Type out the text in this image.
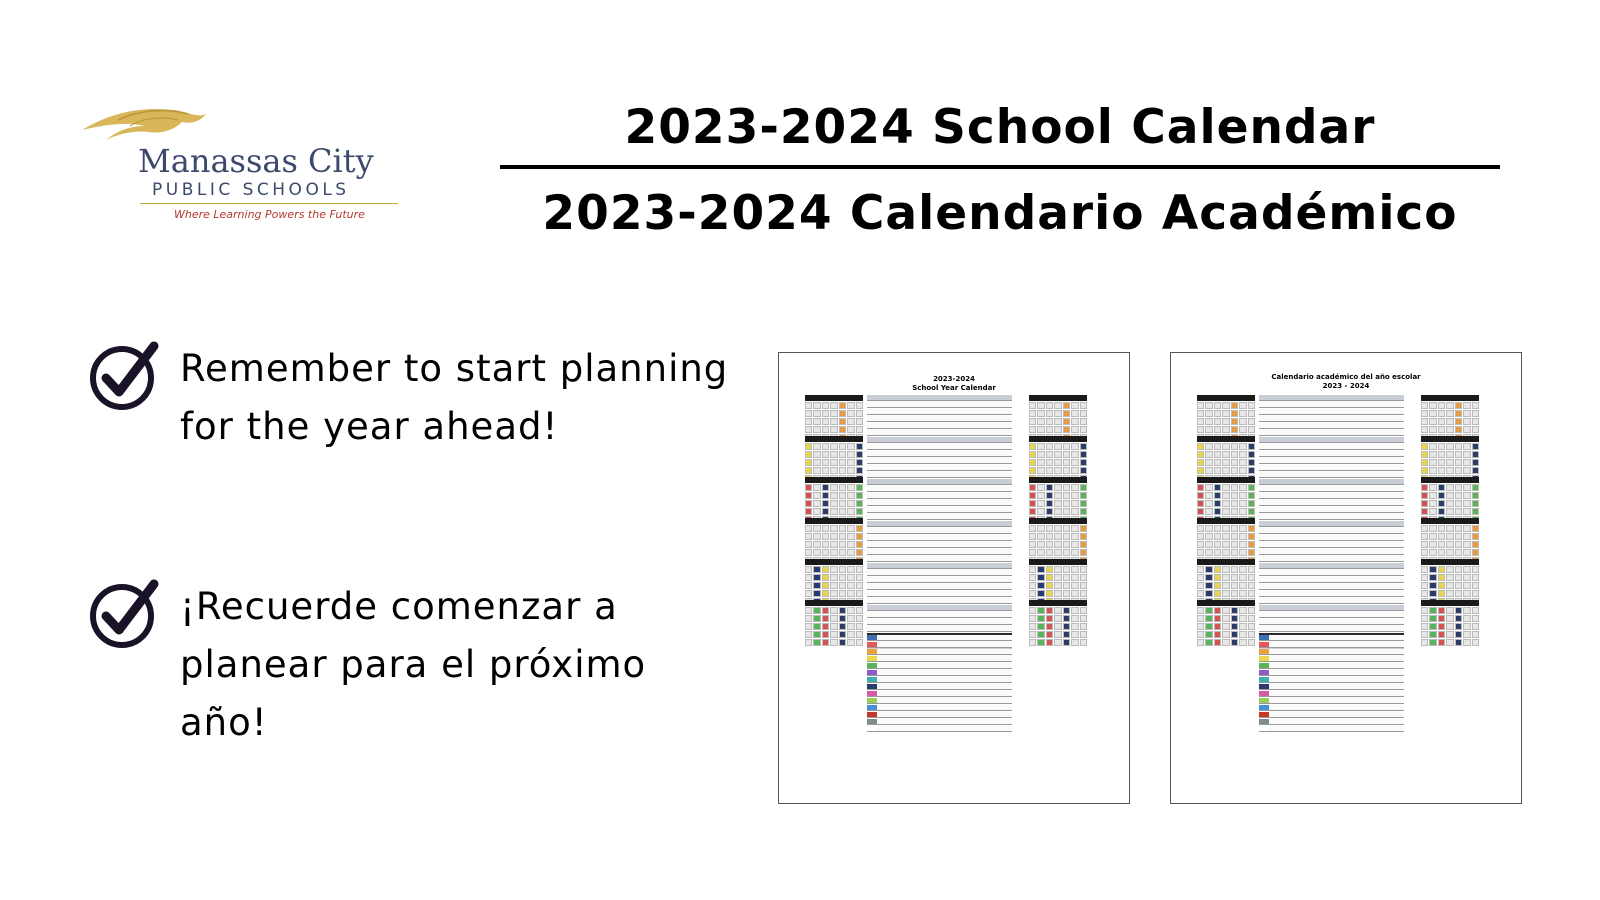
Manassas City
PUBLIC SCHOOLS
Where Learning Powers the Future
2023-2024 School Calendar
2023-2024 Calendario Académico
Remember to start planning for the year ahead!
¡Recuerde comenzar a planear para el próximo año!
2023-2024
School Year Calendar

Calendario académico del año escolar
2023 - 2024
